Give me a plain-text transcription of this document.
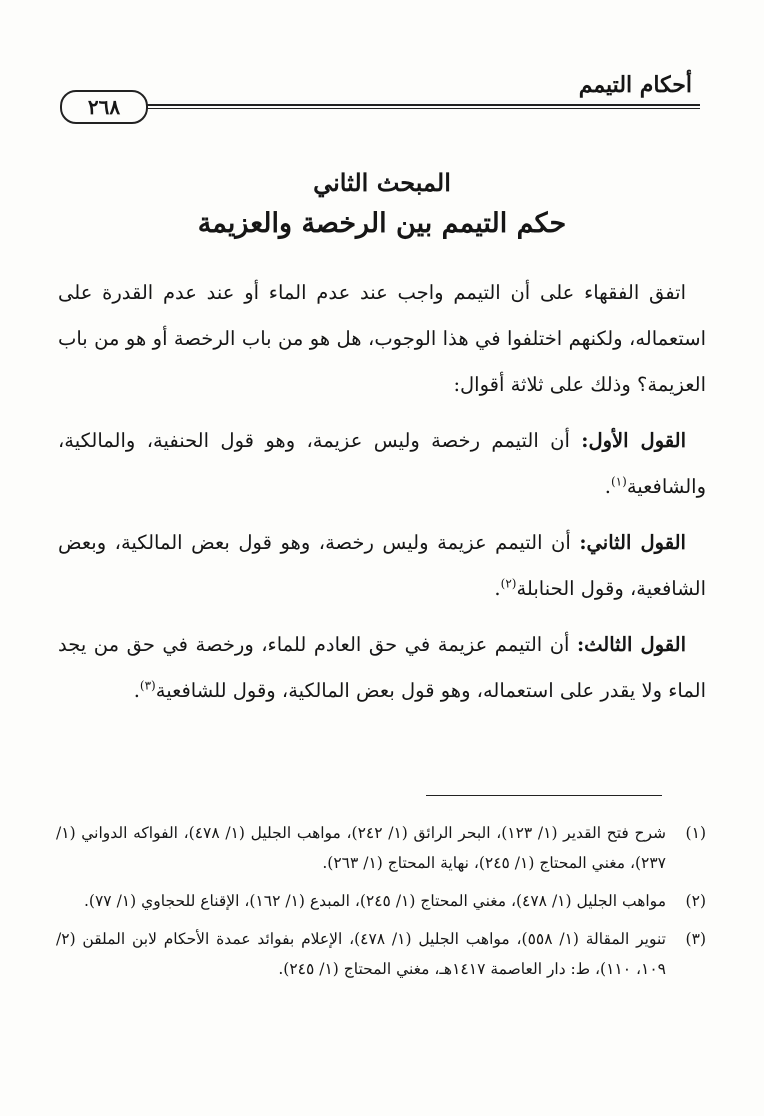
أحكام التيمم
٢٦٨
المبحث الثاني
حكم التيمم بين الرخصة والعزيمة

اتفق الفقهاء على أن التيمم واجب عند عدم الماء أو عند عدم القدرة على استعماله، ولكنهم اختلفوا في هذا الوجوب، هل هو من باب الرخصة أو هو من باب العزيمة؟ وذلك على ثلاثة أقوال:

القول الأول: أن التيمم رخصة وليس عزيمة، وهو قول الحنفية، والمالكية، والشافعية$^{(١)}$.

القول الثاني: أن التيمم عزيمة وليس رخصة، وهو قول بعض المالكية، وبعض الشافعية، وقول الحنابلة$^{(٢)}$.

القول الثالث: أن التيمم عزيمة في حق العادم للماء، ورخصة في حق من يجد الماء ولا يقدر على استعماله، وهو قول بعض المالكية، وقول للشافعية$^{(٣)}$.

(١)
شرح فتح القدير (١/ ١٢٣)، البحر الرائق (١/ ٢٤٢)، مواهب الجليل (١/ ٤٧٨)، الفواكه الدواني (١/ ٢٣٧)، مغني المحتاج (١/ ٢٤٥)، نهاية المحتاج (١/ ٢٦٣).
(٢)
مواهب الجليل (١/ ٤٧٨)، مغني المحتاج (١/ ٢٤٥)، المبدع (١/ ١٦٢)، الإقناع للحجاوي (١/ ٧٧).
(٣)
تنوير المقالة (١/ ٥٥٨)، مواهب الجليل (١/ ٤٧٨)، الإعلام بفوائد عمدة الأحكام لابن الملقن (٢/ ١٠٩، ١١٠)، ط: دار العاصمة ١٤١٧هـ، مغني المحتاج (١/ ٢٤٥).
